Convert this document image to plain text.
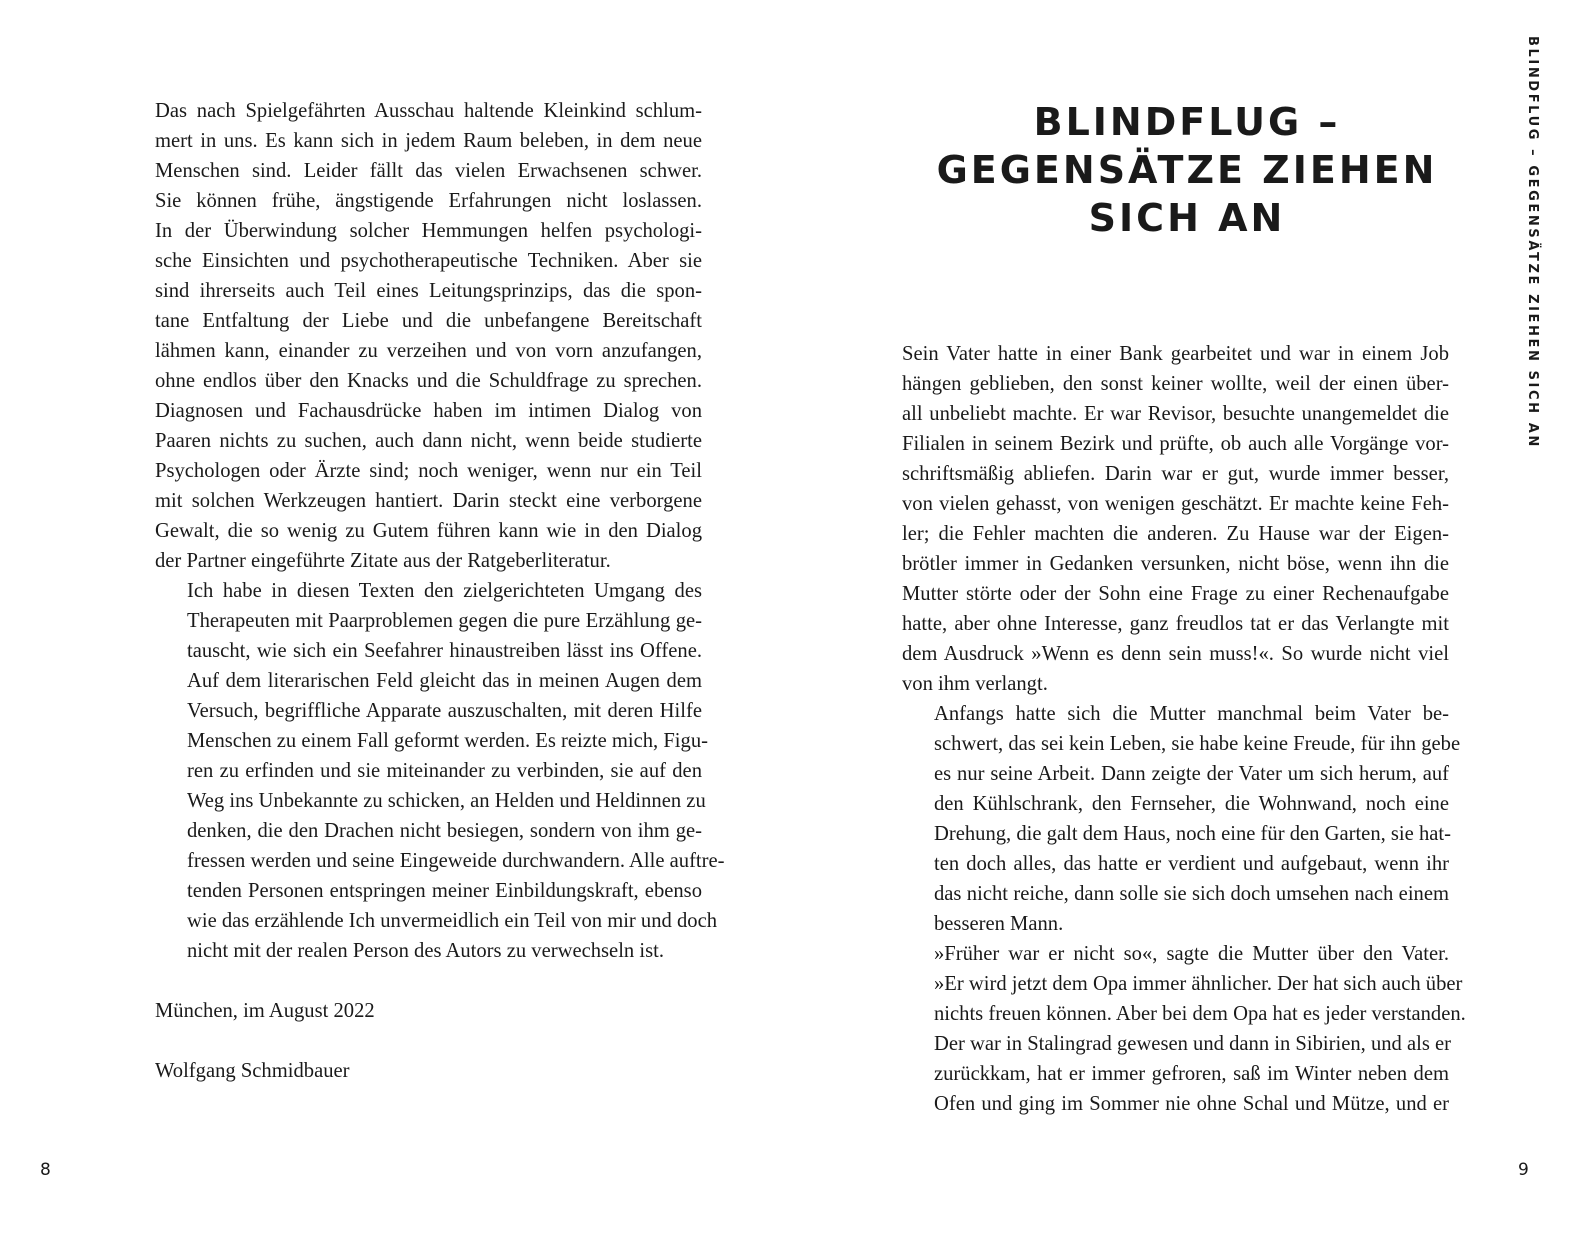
Das nach Spielgefährten Ausschau haltende Kleinkind schlum-
mert in uns. Es kann sich in jedem Raum beleben, in dem neue
Menschen sind. Leider fällt das vielen Erwachsenen schwer.
Sie können frühe, ängstigende Erfahrungen nicht loslassen.
In der Überwindung solcher Hemmungen helfen psychologi-
sche Einsichten und psychotherapeutische Techniken. Aber sie
sind ihrerseits auch Teil eines Leitungsprinzips, das die spon-
tane Entfaltung der Liebe und die unbefangene Bereitschaft
lähmen kann, einander zu verzeihen und von vorn anzufangen,
ohne endlos über den Knacks und die Schuldfrage zu sprechen.
Diagnosen und Fachausdrücke haben im intimen Dialog von
Paaren nichts zu suchen, auch dann nicht, wenn beide studierte
Psychologen oder Ärzte sind; noch weniger, wenn nur ein Teil
mit solchen Werkzeugen hantiert. Darin steckt eine verborgene
Gewalt, die so wenig zu Gutem führen kann wie in den Dialog
der Partner eingeführte Zitate aus der Ratgeberliteratur.

Ich habe in diesen Texten den zielgerichteten Umgang des
Therapeuten mit Paarproblemen gegen die pure Erzählung ge-
tauscht, wie sich ein Seefahrer hinaustreiben lässt ins Offene.
Auf dem literarischen Feld gleicht das in meinen Augen dem
Versuch, begriffliche Apparate auszuschalten, mit deren Hilfe
Menschen zu einem Fall geformt werden. Es reizte mich, Figu-
ren zu erfinden und sie miteinander zu verbinden, sie auf den
Weg ins Unbekannte zu schicken, an Helden und Heldinnen zu
denken, die den Drachen nicht besiegen, sondern von ihm ge-
fressen werden und seine Eingeweide durchwandern. Alle auftre-
tenden Personen entspringen meiner Einbildungskraft, ebenso
wie das erzählende Ich unvermeidlich ein Teil von mir und doch
nicht mit der realen Person des Autors zu verwechseln ist.

München, im August 2022

Wolfgang Schmidbauer

8
BLINDFLUG –
GEGENSÄTZE ZIEHEN
SICH AN

Sein Vater hatte in einer Bank gearbeitet und war in einem Job
hängen geblieben, den sonst keiner wollte, weil der einen über-
all unbeliebt machte. Er war Revisor, besuchte unangemeldet die
Filialen in seinem Bezirk und prüfte, ob auch alle Vorgänge vor-
schriftsmäßig abliefen. Darin war er gut, wurde immer besser,
von vielen gehasst, von wenigen geschätzt. Er machte keine Feh-
ler; die Fehler machten die anderen. Zu Hause war der Eigen-
brötler immer in Gedanken versunken, nicht böse, wenn ihn die
Mutter störte oder der Sohn eine Frage zu einer Rechenaufgabe
hatte, aber ohne Interesse, ganz freudlos tat er das Verlangte mit
dem Ausdruck »Wenn es denn sein muss!«. So wurde nicht viel
von ihm verlangt.

Anfangs hatte sich die Mutter manchmal beim Vater be-
schwert, das sei kein Leben, sie habe keine Freude, für ihn gebe
es nur seine Arbeit. Dann zeigte der Vater um sich herum, auf
den Kühlschrank, den Fernseher, die Wohnwand, noch eine
Drehung, die galt dem Haus, noch eine für den Garten, sie hat-
ten doch alles, das hatte er verdient und aufgebaut, wenn ihr
das nicht reiche, dann solle sie sich doch umsehen nach einem
besseren Mann.

»Früher war er nicht so«, sagte die Mutter über den Vater.
»Er wird jetzt dem Opa immer ähnlicher. Der hat sich auch über
nichts freuen können. Aber bei dem Opa hat es jeder verstanden.
Der war in Stalingrad gewesen und dann in Sibirien, und als er
zurückkam, hat er immer gefroren, saß im Winter neben dem
Ofen und ging im Sommer nie ohne Schal und Mütze, und er

BLINDFLUG – GEGENSÄTZE ZIEHEN SICH AN
9
